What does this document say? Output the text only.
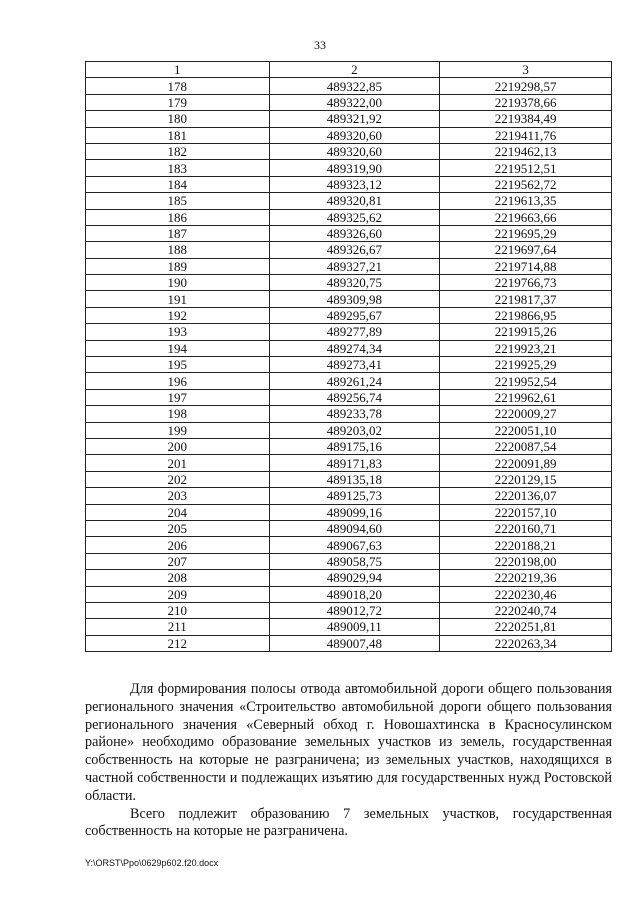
33
1	2	3
178	489322,85	2219298,57
179	489322,00	2219378,66
180	489321,92	2219384,49
181	489320,60	2219411,76
182	489320,60	2219462,13
183	489319,90	2219512,51
184	489323,12	2219562,72
185	489320,81	2219613,35
186	489325,62	2219663,66
187	489326,60	2219695,29
188	489326,67	2219697,64
189	489327,21	2219714,88
190	489320,75	2219766,73
191	489309,98	2219817,37
192	489295,67	2219866,95
193	489277,89	2219915,26
194	489274,34	2219923,21
195	489273,41	2219925,29
196	489261,24	2219952,54
197	489256,74	2219962,61
198	489233,78	2220009,27
199	489203,02	2220051,10
200	489175,16	2220087,54
201	489171,83	2220091,89
202	489135,18	2220129,15
203	489125,73	2220136,07
204	489099,16	2220157,10
205	489094,60	2220160,71
206	489067,63	2220188,21
207	489058,75	2220198,00
208	489029,94	2220219,36
209	489018,20	2220230,46
210	489012,72	2220240,74
211	489009,11	2220251,81
212	489007,48	2220263,34

Для формирования полосы отвода автомобильной дороги общего пользования регионального значения «Строительство автомобильной дороги общего пользования регионального значения «Северный обход г. Новошахтинска в Красносулинском районе» необходимо образование земельных участков из земель, государственная собственность на которые не разграничена; из земельных участков, находящихся в частной собственности и подлежащих изъятию для государственных нужд Ростовской области.

Всего подлежит образованию 7 земельных участков, государственная собственность на которые не разграничена.

Y:\ORST\Ppo\0629p602.f20.docx
